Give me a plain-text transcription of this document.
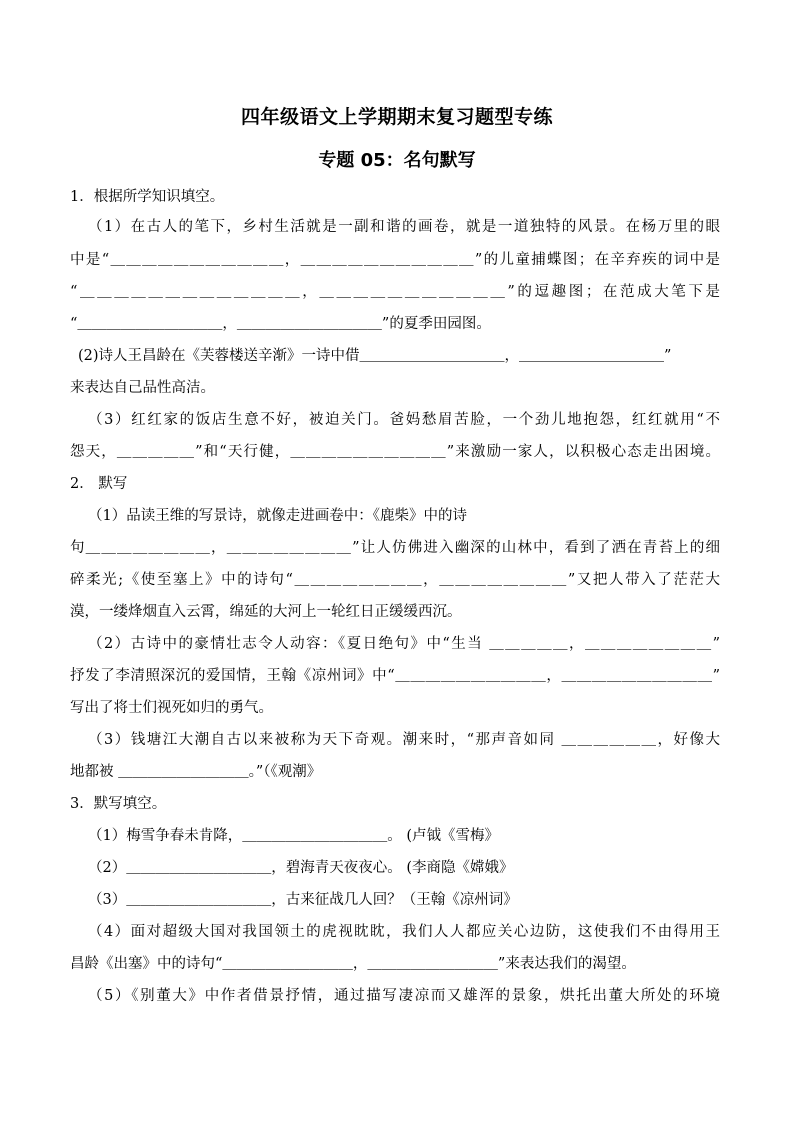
四年级语文上学期期末复习题型专练
专题 05：名句默写
1．根据所学知识填空。
（1）在古人的笔下，乡村生活就是一副和谐的画卷，就是一道独特的风景。在杨万里的眼
中是“＿＿＿＿＿＿＿＿＿＿＿，＿＿＿＿＿＿＿＿＿＿＿”的儿童捕蝶图；在辛弃疾的词中是
“＿＿＿＿＿＿＿＿＿＿＿＿＿，＿＿＿＿＿＿＿＿＿＿＿”的逗趣图；在范成大笔下是
“＿＿＿＿＿＿＿＿＿＿，＿＿＿＿＿＿＿＿＿＿”的夏季田园图。
(2)诗人王昌龄在《芙蓉楼送辛渐》一诗中借＿＿＿＿＿＿＿＿＿＿，＿＿＿＿＿＿＿＿＿＿”
来表达自己品性高洁。
（3）红红家的饭店生意不好，被迫关门。爸妈愁眉苦脸，一个劲儿地抱怨，红红就用“不
怨天，＿＿＿＿＿”和“天行健，＿＿＿＿＿＿＿＿＿＿”来激励一家人，以积极心态走出困境。
2． 默写
（1）品读王维的写景诗，就像走进画卷中：《鹿柴》中的诗
句＿＿＿＿＿＿＿＿，＿＿＿＿＿＿＿＿”让人仿佛进入幽深的山林中，看到了洒在青苔上的细
碎柔光;《使至塞上》中的诗句“＿＿＿＿＿＿＿＿，＿＿＿＿＿＿＿＿”又把人带入了茫茫大
漠，一缕烽烟直入云霄，绵延的大河上一轮红日正缓缓西沉。
（2）古诗中的豪情壮志令人动容：《夏日绝句》中“生当 ＿＿＿＿＿，＿＿＿＿＿＿＿＿”
抒发了李清照深沉的爱国情，王翰《凉州词》中“＿＿＿＿＿＿＿＿＿＿，＿＿＿＿＿＿＿＿＿＿”
写出了将士们视死如归的勇气。
（3）钱塘江大潮自古以来被称为天下奇观。潮来时，“那声音如同 ＿＿＿＿＿＿，好像大
地都被 ＿＿＿＿＿＿＿＿＿。”（《观潮》
3．默写填空。
（1）梅雪争春未肯降，＿＿＿＿＿＿＿＿＿＿。 (卢钺《雪梅》
（2）＿＿＿＿＿＿＿＿＿＿，碧海青天夜夜心。 (李商隐《嫦娥》
（3）＿＿＿＿＿＿＿＿＿＿，古来征战几人回？（王翰《凉州词》
（4）面对超级大国对我国领土的虎视眈眈，我们人人都应关心边防，这使我们不由得用王
昌龄《出塞》中的诗句“＿＿＿＿＿＿＿＿＿，＿＿＿＿＿＿＿＿＿”来表达我们的渴望。
（5）《别董大》中作者借景抒情，通过描写凄凉而又雄浑的景象，烘托出董大所处的环境
